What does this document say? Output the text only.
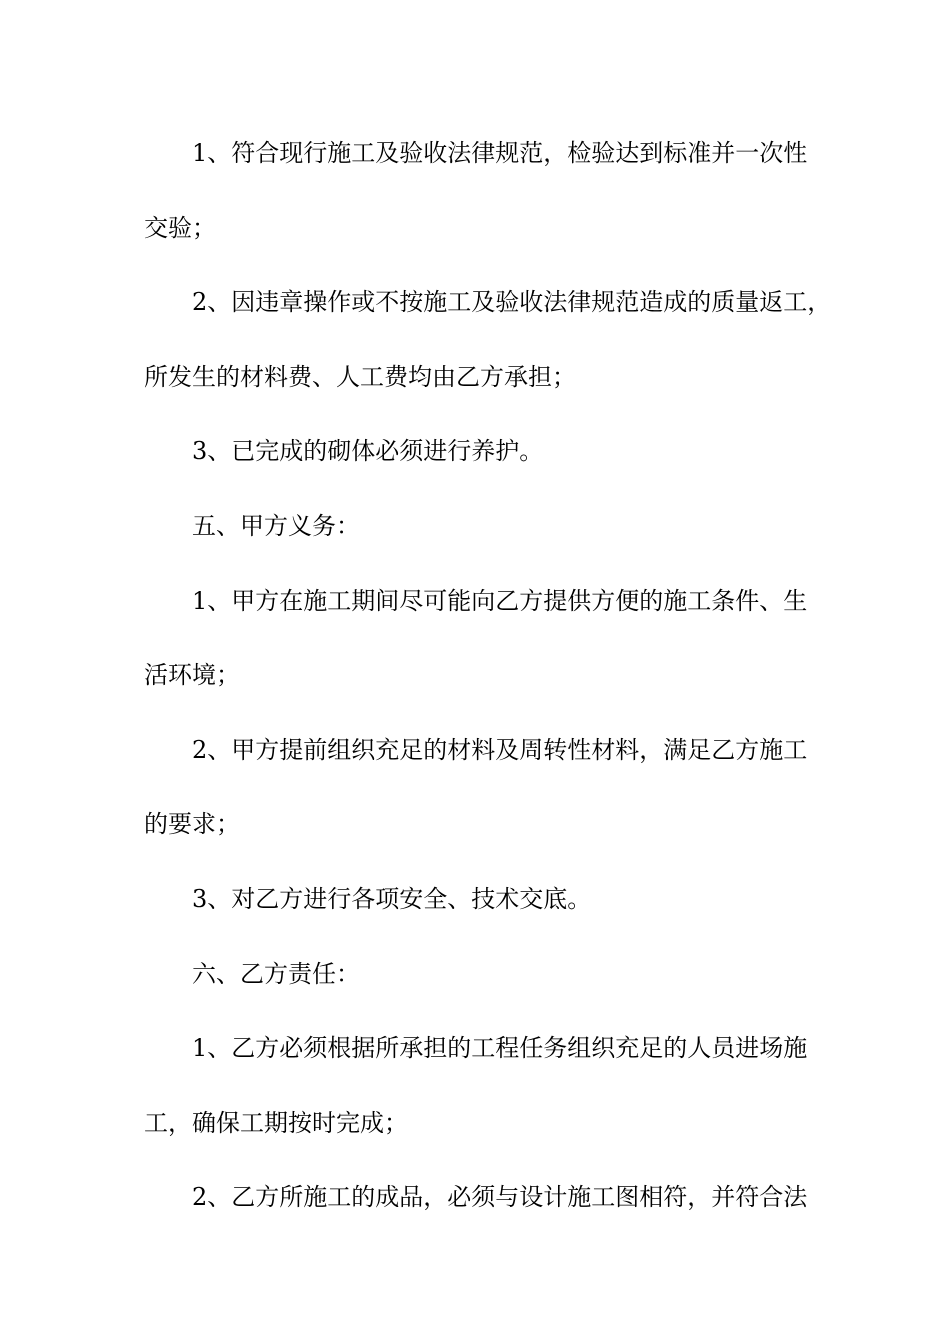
1、符合现行施工及验收法律规范，检验达到标准并一次性
交验；
2、因违章操作或不按施工及验收法律规范造成的质量返工，
所发生的材料费、人工费均由乙方承担；
3、已完成的砌体必须进行养护。
五、甲方义务：
1、甲方在施工期间尽可能向乙方提供方便的施工条件、生
活环境；
2、甲方提前组织充足的材料及周转性材料，满足乙方施工
的要求；
3、对乙方进行各项安全、技术交底。
六、乙方责任：
1、乙方必须根据所承担的工程任务组织充足的人员进场施
工，确保工期按时完成；
2、乙方所施工的成品，必须与设计施工图相符，并符合法
